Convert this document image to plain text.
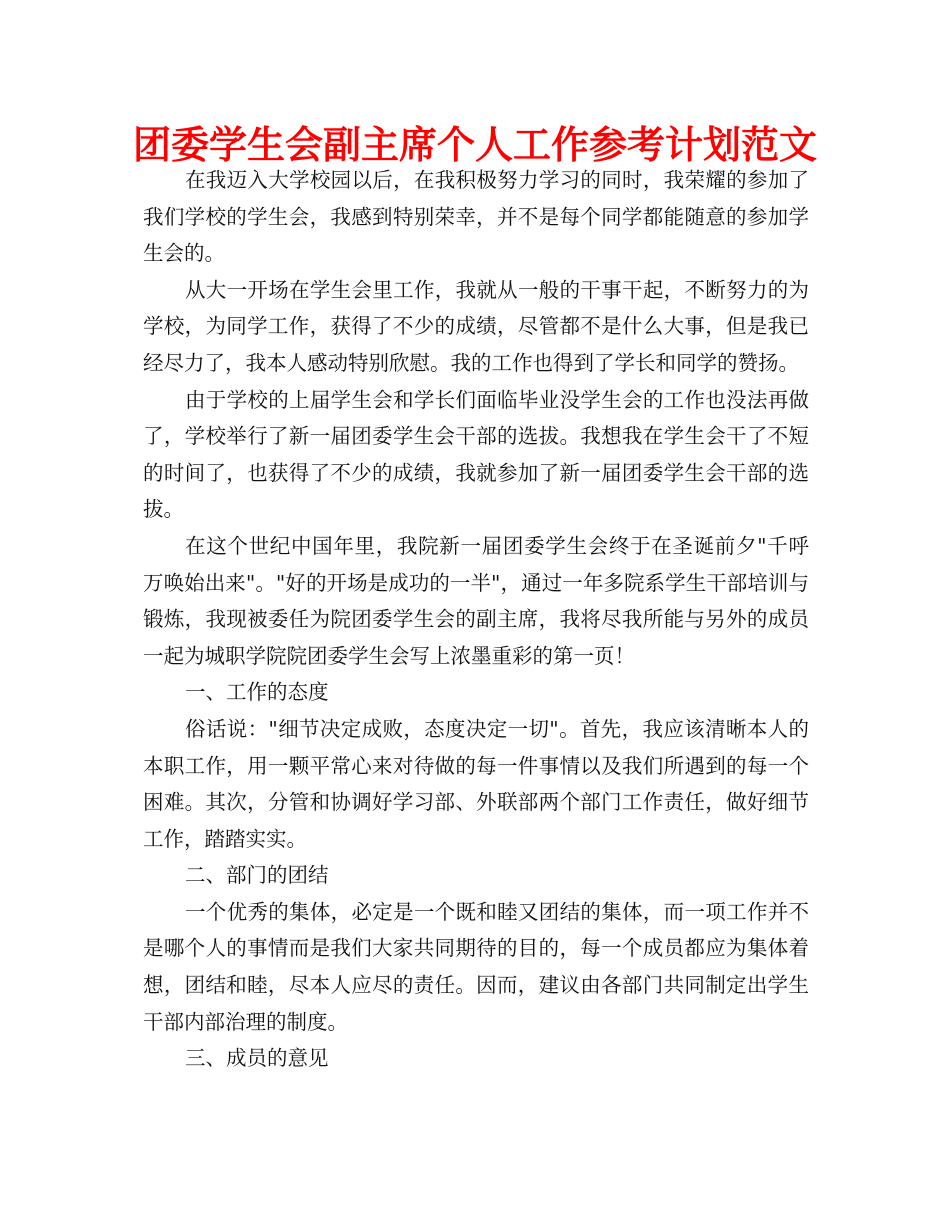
团委学生会副主席个人工作参考计划范文

在我迈入大学校园以后，在我积极努力学习的同时，我荣耀的参加了我们学校的学生会，我感到特别荣幸，并不是每个同学都能随意的参加学生会的。

从大一开场在学生会里工作，我就从一般的干事干起，不断努力的为学校，为同学工作，获得了不少的成绩，尽管都不是什么大事，但是我已经尽力了，我本人感动特别欣慰。我的工作也得到了学长和同学的赞扬。

由于学校的上届学生会和学长们面临毕业没学生会的工作也没法再做了，学校举行了新一届团委学生会干部的选拔。我想我在学生会干了不短的时间了，也获得了不少的成绩，我就参加了新一届团委学生会干部的选拔。

在这个世纪中国年里，我院新一届团委学生会终于在圣诞前夕"千呼万唤始出来"。"好的开场是成功的一半"，通过一年多院系学生干部培训与锻炼，我现被委任为院团委学生会的副主席，我将尽我所能与另外的成员一起为城职学院院团委学生会写上浓墨重彩的第一页！

一、工作的态度

俗话说："细节决定成败，态度决定一切"。首先，我应该清晰本人的本职工作，用一颗平常心来对待做的每一件事情以及我们所遇到的每一个困难。其次，分管和协调好学习部、外联部两个部门工作责任，做好细节工作，踏踏实实。

二、部门的团结

一个优秀的集体，必定是一个既和睦又团结的集体，而一项工作并不是哪个人的事情而是我们大家共同期待的目的，每一个成员都应为集体着想，团结和睦，尽本人应尽的责任。因而，建议由各部门共同制定出学生干部内部治理的制度。

三、成员的意见
